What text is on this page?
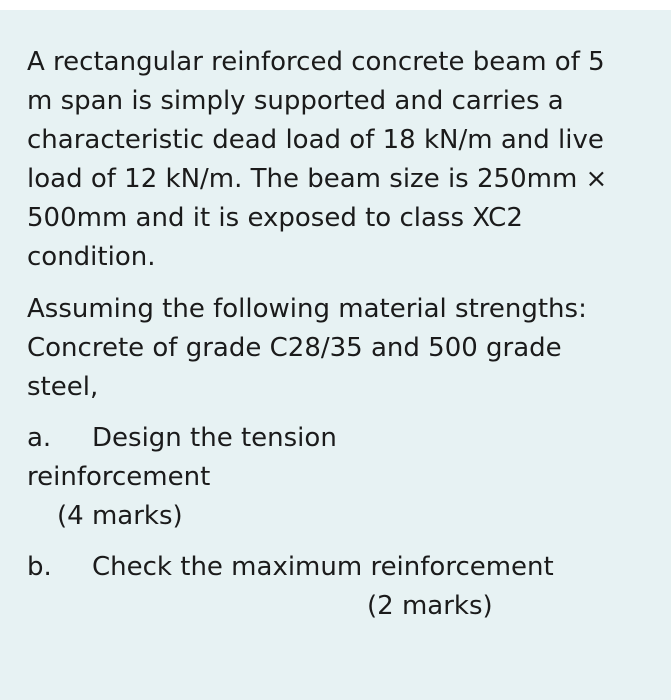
A rectangular reinforced concrete beam of 5
m span is simply supported and carries a
characteristic dead load of 18 kN/m and live
load of 12 kN/m. The beam size is 250mm ×
500mm and it is exposed to class XC2
condition.
Assuming the following material strengths:
Concrete of grade C28/35 and 500 grade
steel,
a. Design the tension
reinforcement
(4 marks)
b. Check the maximum reinforcement
(2 marks)
